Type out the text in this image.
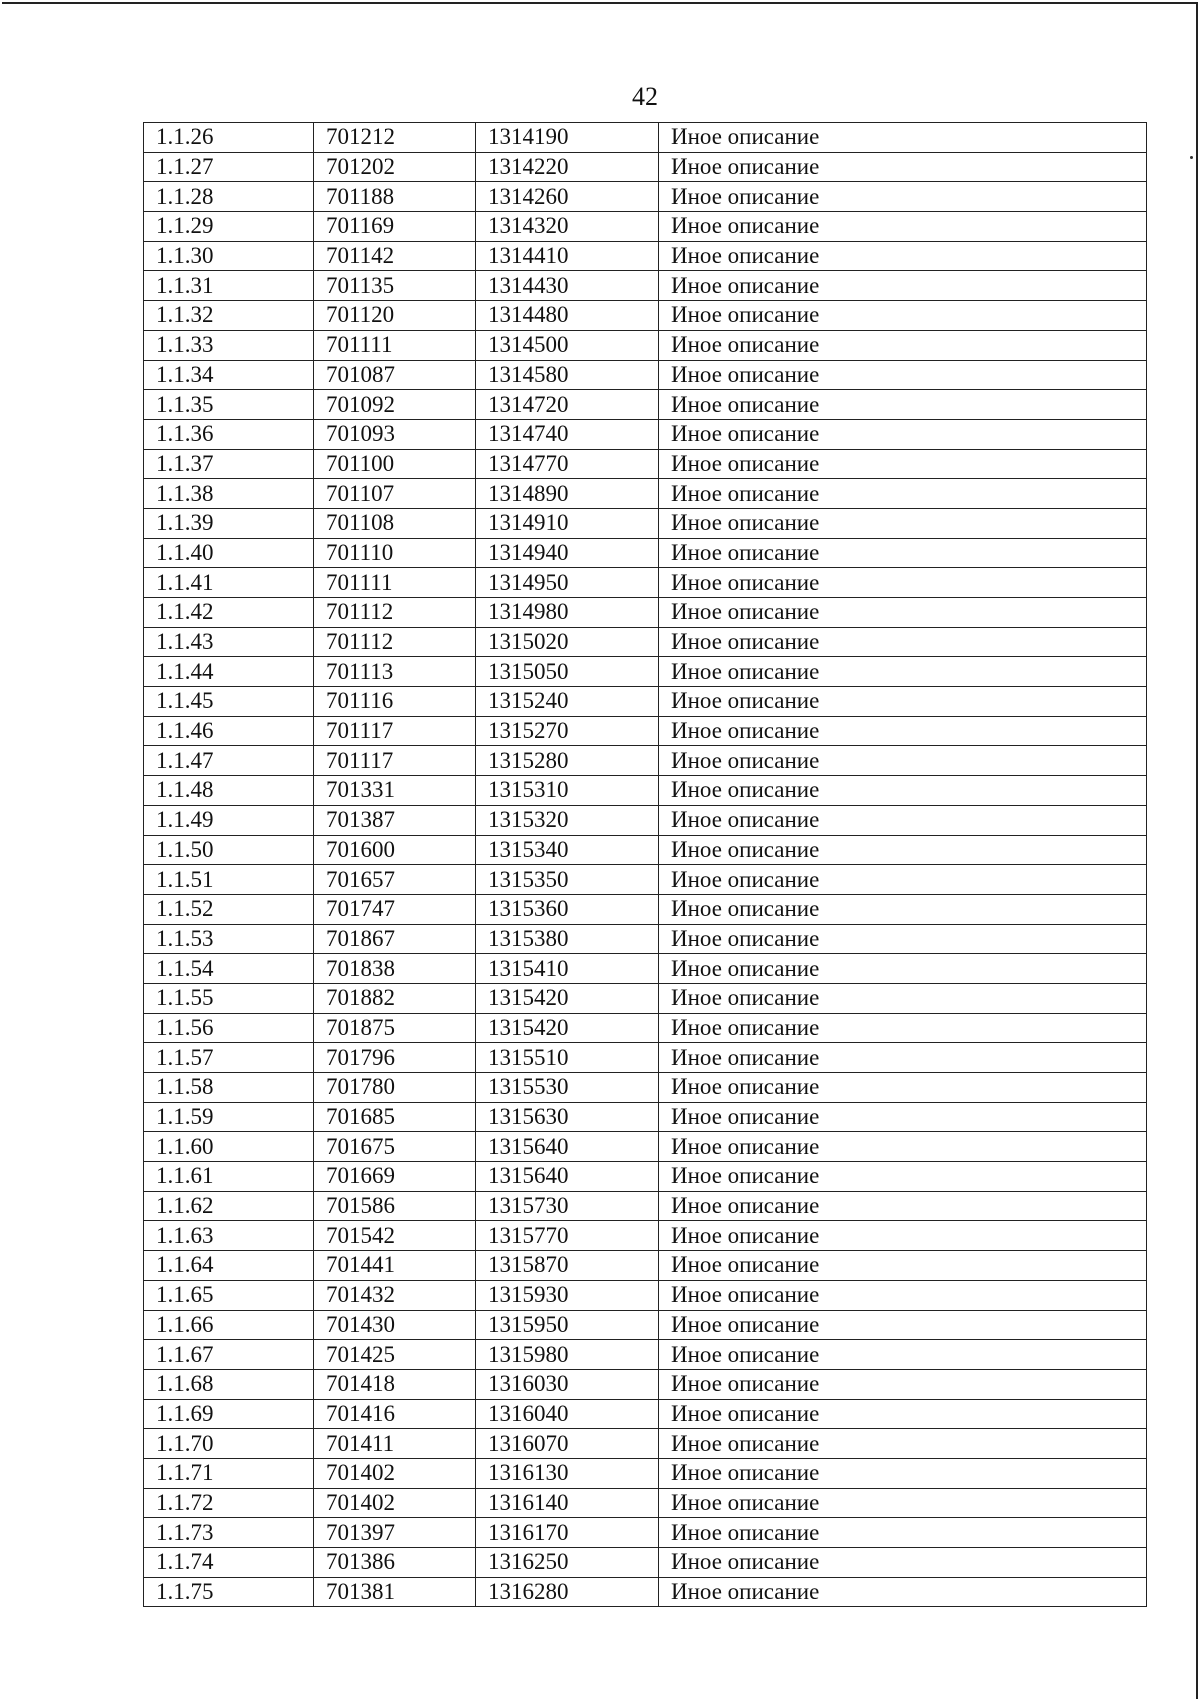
42
1.1.26	701212	1314190	Иное описание
1.1.27	701202	1314220	Иное описание
1.1.28	701188	1314260	Иное описание
1.1.29	701169	1314320	Иное описание
1.1.30	701142	1314410	Иное описание
1.1.31	701135	1314430	Иное описание
1.1.32	701120	1314480	Иное описание
1.1.33	701111	1314500	Иное описание
1.1.34	701087	1314580	Иное описание
1.1.35	701092	1314720	Иное описание
1.1.36	701093	1314740	Иное описание
1.1.37	701100	1314770	Иное описание
1.1.38	701107	1314890	Иное описание
1.1.39	701108	1314910	Иное описание
1.1.40	701110	1314940	Иное описание
1.1.41	701111	1314950	Иное описание
1.1.42	701112	1314980	Иное описание
1.1.43	701112	1315020	Иное описание
1.1.44	701113	1315050	Иное описание
1.1.45	701116	1315240	Иное описание
1.1.46	701117	1315270	Иное описание
1.1.47	701117	1315280	Иное описание
1.1.48	701331	1315310	Иное описание
1.1.49	701387	1315320	Иное описание
1.1.50	701600	1315340	Иное описание
1.1.51	701657	1315350	Иное описание
1.1.52	701747	1315360	Иное описание
1.1.53	701867	1315380	Иное описание
1.1.54	701838	1315410	Иное описание
1.1.55	701882	1315420	Иное описание
1.1.56	701875	1315420	Иное описание
1.1.57	701796	1315510	Иное описание
1.1.58	701780	1315530	Иное описание
1.1.59	701685	1315630	Иное описание
1.1.60	701675	1315640	Иное описание
1.1.61	701669	1315640	Иное описание
1.1.62	701586	1315730	Иное описание
1.1.63	701542	1315770	Иное описание
1.1.64	701441	1315870	Иное описание
1.1.65	701432	1315930	Иное описание
1.1.66	701430	1315950	Иное описание
1.1.67	701425	1315980	Иное описание
1.1.68	701418	1316030	Иное описание
1.1.69	701416	1316040	Иное описание
1.1.70	701411	1316070	Иное описание
1.1.71	701402	1316130	Иное описание
1.1.72	701402	1316140	Иное описание
1.1.73	701397	1316170	Иное описание
1.1.74	701386	1316250	Иное описание
1.1.75	701381	1316280	Иное описание
